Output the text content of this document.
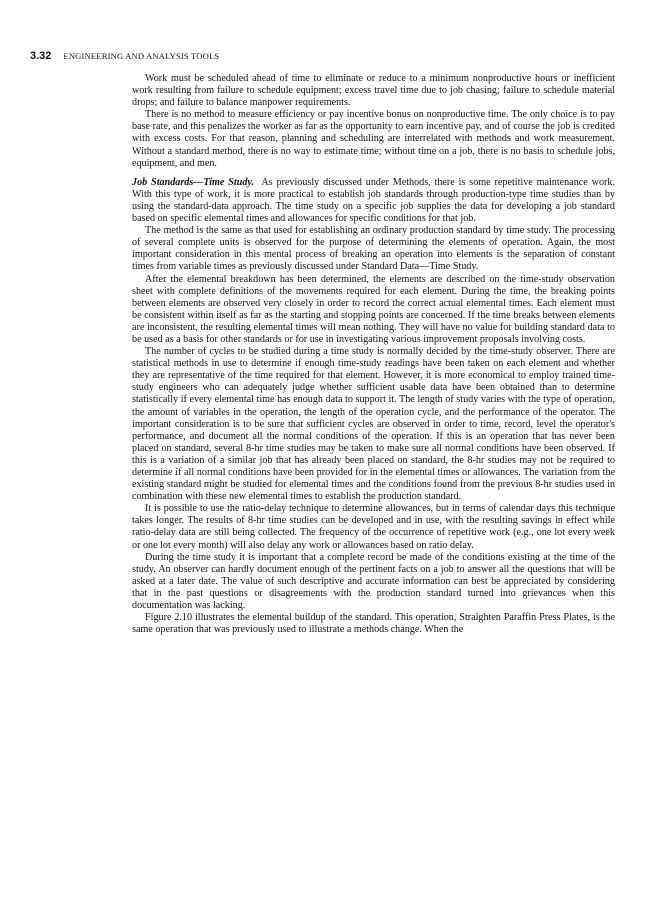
3.32 ENGINEERING AND ANALYSIS TOOLS

Work must be scheduled ahead of time to eliminate or reduce to a minimum nonproductive hours or inefficient work resulting from failure to schedule equipment; excess travel time due to job chasing; failure to schedule material drops; and failure to balance manpower requirements.

There is no method to measure efficiency or pay incentive bonus on nonproductive time. The only choice is to pay base rate, and this penalizes the worker as far as the opportunity to earn incentive pay, and of course the job is credited with excess costs. For that reason, planning and scheduling are interrelated with methods and work measurement. Without a standard method, there is no way to estimate time; without time on a job, there is no basis to schedule jobs, equipment, and men.

Job Standards—Time Study. As previously discussed under Methods, there is some repetitive maintenance work. With this type of work, it is more practical to establish job standards through production-type time studies than by using the standard-data approach. The time study on a specific job supplies the data for developing a job standard based on specific elemental times and allowances for specific conditions for that job.

The method is the same as that used for establishing an ordinary production standard by time study. The processing of several complete units is observed for the purpose of determining the elements of operation. Again, the most important consideration in this mental process of breaking an operation into elements is the separation of constant times from variable times as previously discussed under Standard Data—Time Study.

After the elemental breakdown has been determined, the elements are described on the time-study observation sheet with complete definitions of the movements required for each element. During the time, the breaking points between elements are observed very closely in order to record the correct actual elemental times. Each element must be consistent within itself as far as the starting and stopping points are concerned. If the time breaks between elements are inconsistent, the resulting elemental times will mean nothing. They will have no value for building standard data to be used as a basis for other standards or for use in investigating various improvement proposals involving costs.

The number of cycles to be studied during a time study is normally decided by the time-study observer. There are statistical methods in use to determine if enough time-study readings have been taken on each element and whether they are representative of the time required for that element. However, it is more economical to employ trained time-study engineers who can adequately judge whether sufficient usable data have been obtained than to determine statistically if every elemental time has enough data to support it. The length of study varies with the type of operation, the amount of variables in the operation, the length of the operation cycle, and the performance of the operator. The important consideration is to be sure that sufficient cycles are observed in order to time, record, level the operator's performance, and document all the normal conditions of the operation. If this is an operation that has never been placed on standard, several 8-hr time studies may be taken to make sure all normal conditions have been observed. If this is a variation of a similar job that has already been placed on standard, the 8-hr studies may not be required to determine if all normal conditions have been provided for in the elemental times or allowances. The variation from the existing standard might be studied for elemental times and the conditions found from the previous 8-hr studies used in combination with these new elemental times to establish the production standard.

It is possible to use the ratio-delay technique to determine allowances, but in terms of calendar days this technique takes longer. The results of 8-hr time studies can be developed and in use, with the resulting savings in effect while ratio-delay data are still being collected. The frequency of the occurrence of repetitive work (e.g., one lot every week or one lot every month) will also delay any work or allowances based on ratio delay.

During the time study it is important that a complete record be made of the conditions existing at the time of the study. An observer can hardly document enough of the pertinent facts on a job to answer all the questions that will be asked at a later date. The value of such descriptive and accurate information can best be appreciated by considering that in the past questions or disagreements with the production standard turned into grievances when this documentation was lacking.

Figure 2.10 illustrates the elemental buildup of the standard. This operation, Straighten Paraffin Press Plates, is the same operation that was previously used to illustrate a methods change. When the
